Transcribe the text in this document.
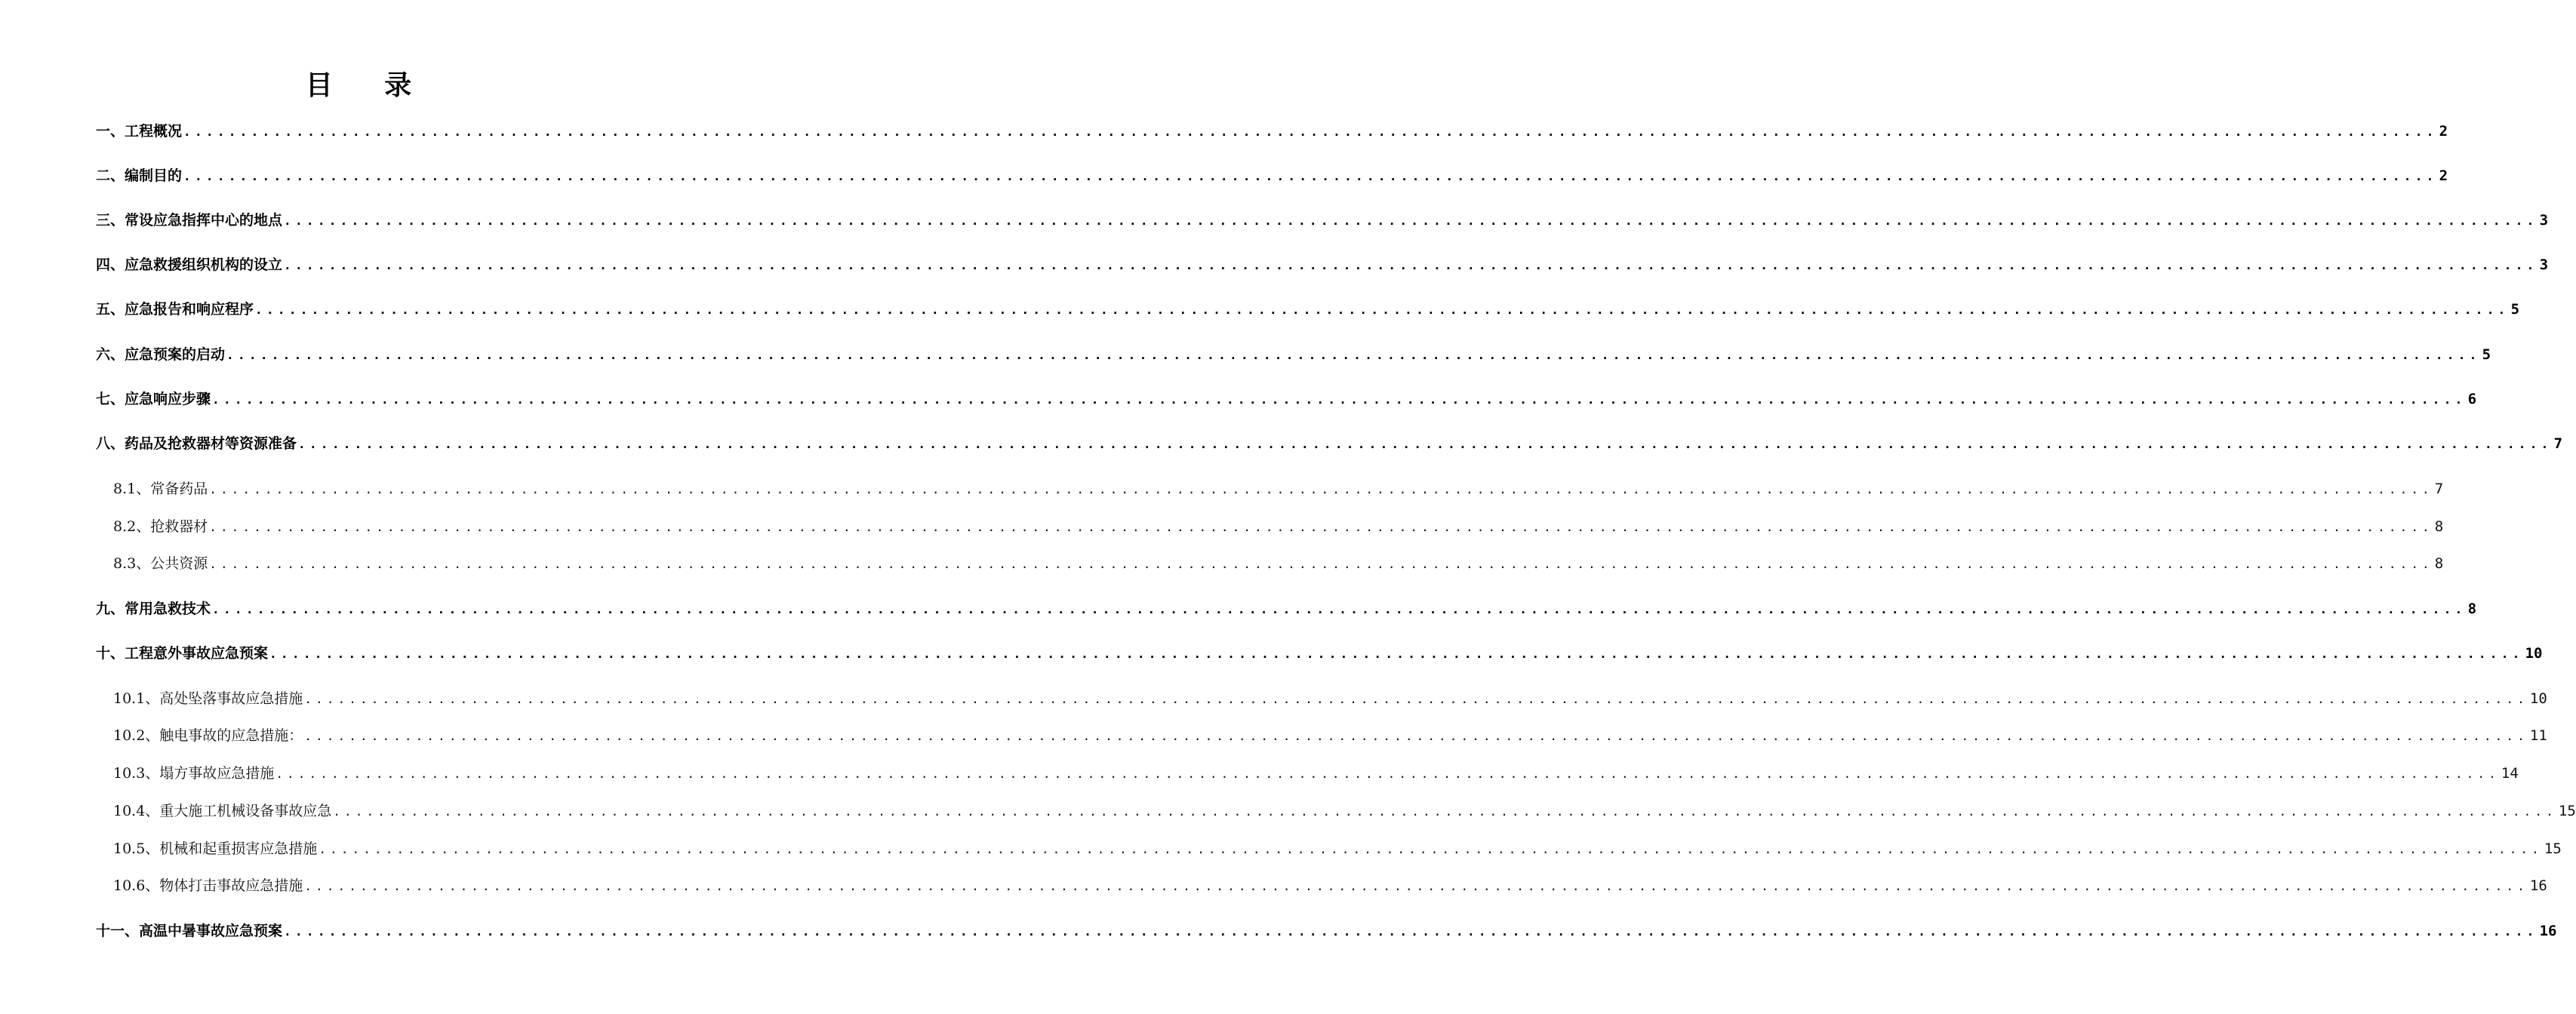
目 录
一、工程概况 ........................................................................................................................................................................................................ 2
二、编制目的 ........................................................................................................................................................................................................ 2
三、常设应急指挥中心的地点 ........................................................................................................................................................................................................ 3
四、应急救援组织机构的设立 ........................................................................................................................................................................................................ 3
五、应急报告和响应程序 ........................................................................................................................................................................................................ 5
六、应急预案的启动 ........................................................................................................................................................................................................ 5
七、应急响应步骤 ........................................................................................................................................................................................................ 6
八、药品及抢救器材等资源准备 ........................................................................................................................................................................................................ 7
8.1、常备药品 ........................................................................................................................................................................................................ 7
8.2、抢救器材 ........................................................................................................................................................................................................ 8
8.3、公共资源 ........................................................................................................................................................................................................ 8
九、常用急救技术 ........................................................................................................................................................................................................ 8
十、工程意外事故应急预案 ........................................................................................................................................................................................................ 10
10.1、高处坠落事故应急措施 ........................................................................................................................................................................................................ 10
10.2、触电事故的应急措施： ........................................................................................................................................................................................................ 11
10.3、塌方事故应急措施 ........................................................................................................................................................................................................ 14
10.4、重大施工机械设备事故应急 ........................................................................................................................................................................................................ 15
10.5、机械和起重损害应急措施 ........................................................................................................................................................................................................ 15
10.6、物体打击事故应急措施 ........................................................................................................................................................................................................ 16
十一、高温中暑事故应急预案 ........................................................................................................................................................................................................ 16
